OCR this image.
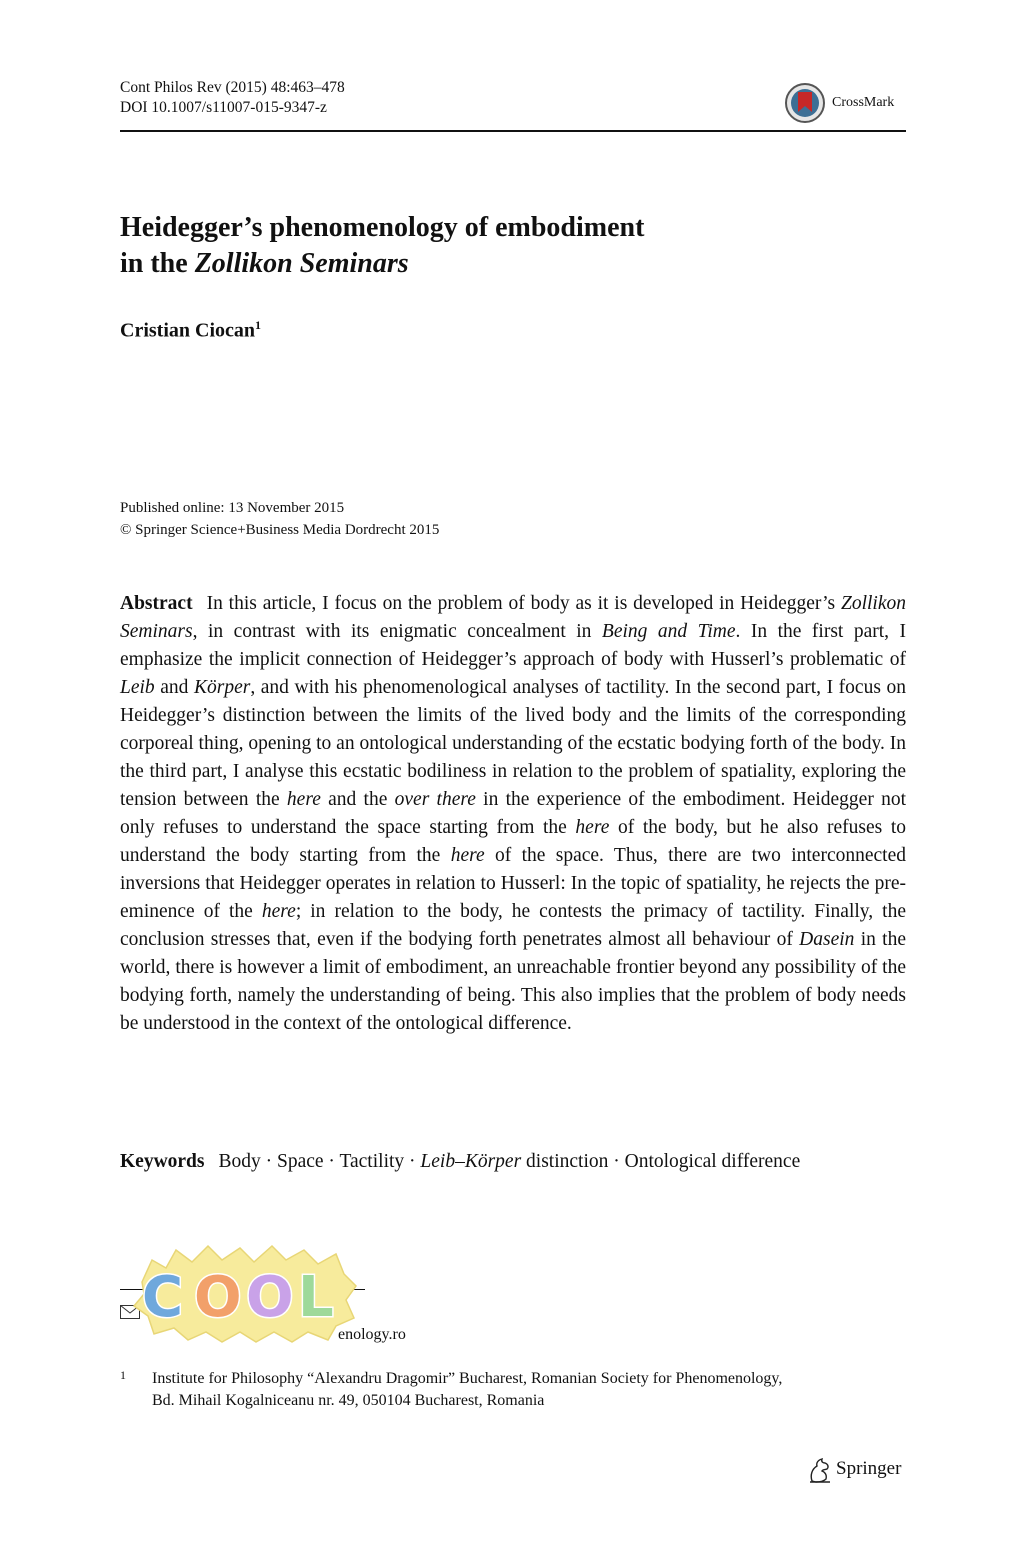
Cont Philos Rev (2015) 48:463–478
DOI 10.1007/s11007-015-9347-z	CrossMark
Heidegger’s phenomenology of embodiment
in the Zollikon Seminars
Cristian Ciocan$^1$
Published online: 13 November 2015
© Springer Science+Business Media Dordrecht 2015
Abstract In this article, I focus on the problem of body as it is developed in Heidegger’s Zollikon Seminars, in contrast with its enigmatic concealment in Being and Time. In the first part, I emphasize the implicit connection of Heidegger’s approach of body with Husserl’s problematic of Leib and Körper, and with his phenomenological analyses of tactility. In the second part, I focus on Heidegger’s distinction between the limits of the lived body and the limits of the corresponding corporeal thing, opening to an ontological understanding of the ecstatic bodying forth of the body. In the third part, I analyse this ecstatic bodiliness in relation to the problem of spatiality, exploring the tension between the here and the over there in the experience of the embodiment. Heidegger not only refuses to understand the space starting from the here of the body, but he also refuses to understand the body starting from the here of the space. Thus, there are two interconnected inversions that Heidegger operates in relation to Husserl: In the topic of spatiality, he rejects the pre-eminence of the here; in relation to the body, he contests the primacy of tactility. Finally, the conclusion stresses that, even if the bodying forth penetrates almost all behaviour of Dasein in the world, there is however a limit of embodiment, an unreachable frontier beyond any possibility of the bodying forth, namely the understanding of being. This also implies that the problem of body needs be understood in the context of the ontological difference.
Keywords Body · Space · Tactility · Leib–Körper distinction · Ontological difference
enology.ro
C O O L
1 Institute for Philosophy “Alexandru Dragomir” Bucharest, Romanian Society for Phenomenology, Bd. Mihail Kogalniceanu nr. 49, 050104 Bucharest, Romania
Springer
